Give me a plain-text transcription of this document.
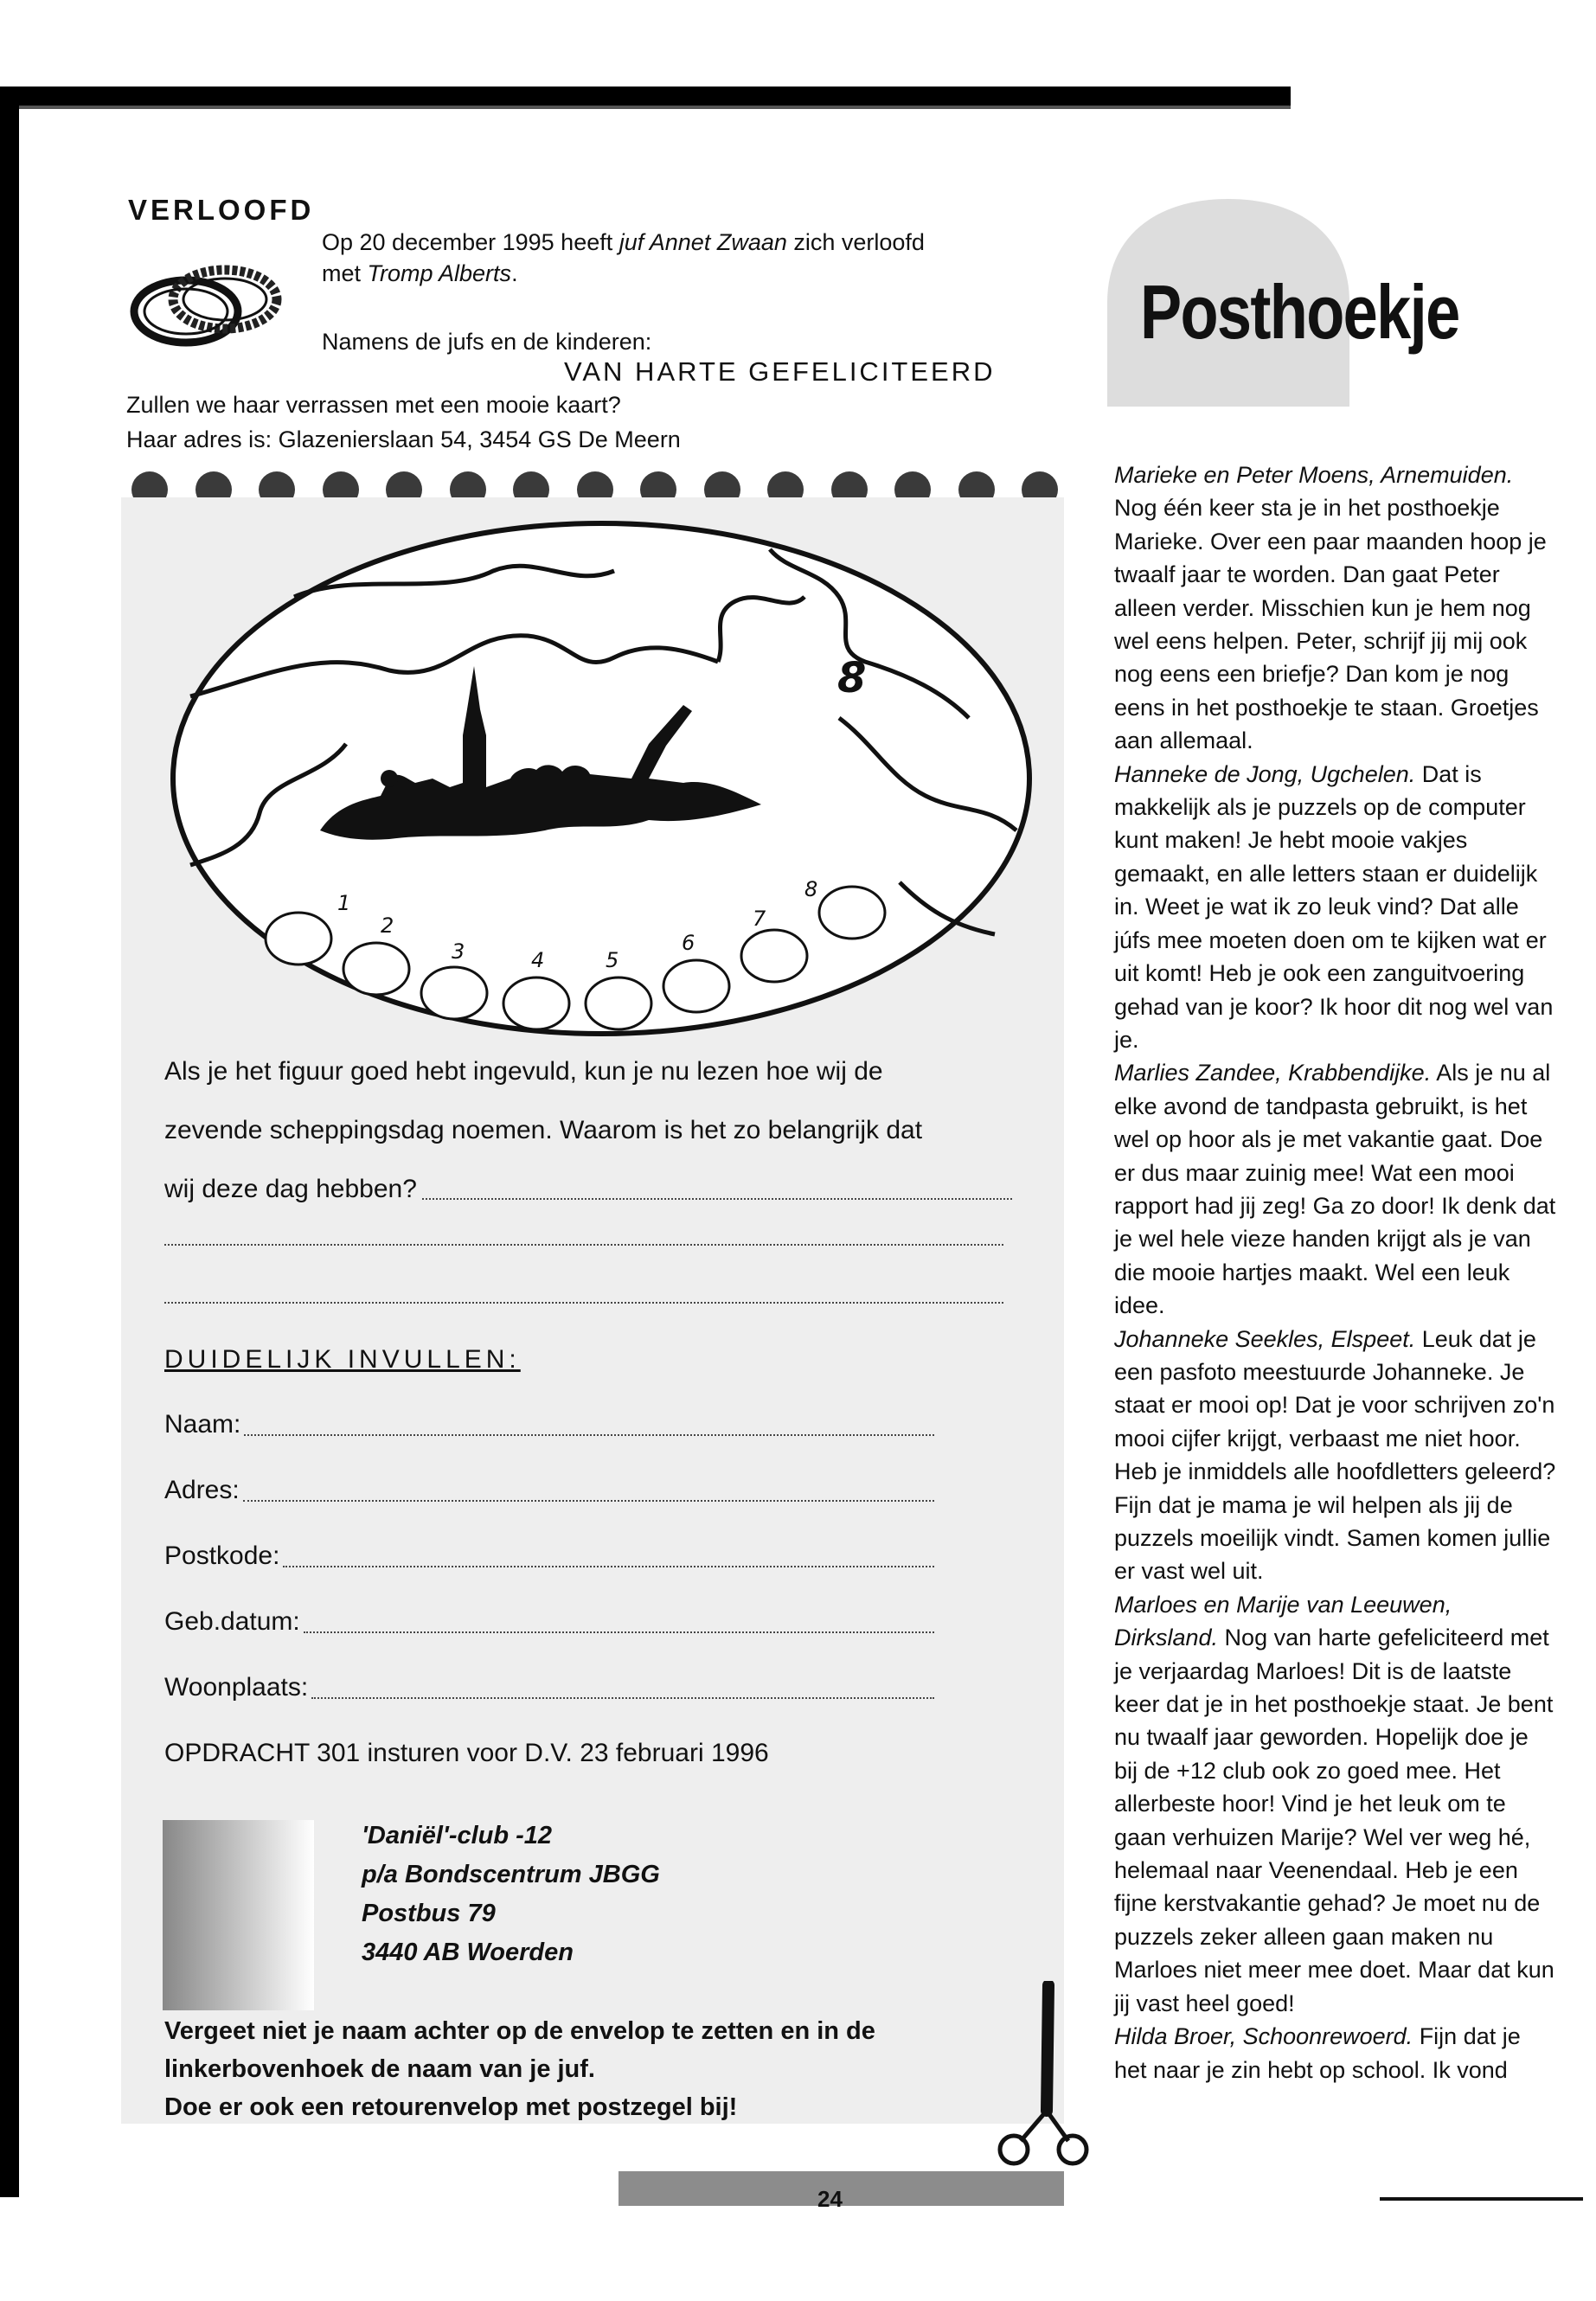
VERLOOFD
Op 20 december 1995 heeft juf Annet Zwaan zich verloofd
met Tromp Alberts.
Namens de jufs en de kinderen:
VAN HARTE GEFELICITEERD
Zullen we haar verrassen met een mooie kaart?
Haar adres is: Glazenierslaan 54, 3454 GS De Meern
8
1
2
3	4	5
6
7
8
Als je het figuur goed hebt ingevuld, kun je nu lezen hoe wij de
zevende scheppingsdag noemen. Waarom is het zo belangrijk dat
wij deze dag hebben?
DUIDELIJK INVULLEN:
Naam:
Adres:
Postkode:
Geb.datum:
Woonplaats:
OPDRACHT 301 insturen voor D.V. 23 februari 1996
'Daniël'-club -12
p/a Bondscentrum JBGG
Postbus 79
3440 AB Woerden
Vergeet niet je naam achter op de envelop te zetten en in de
linkerbovenhoek de naam van je juf.
Doe er ook een retourenvelop met postzegel bij!
24
Posthoekje

Marieke en Peter Moens, Arnemuiden. Nog één keer sta je in het posthoekje Marieke. Over een paar maanden hoop je twaalf jaar te worden. Dan gaat Peter alleen verder. Misschien kun je hem nog wel eens helpen. Peter, schrijf jij mij ook nog eens een briefje? Dan kom je nog eens in het posthoekje te staan. Groetjes aan allemaal.

Hanneke de Jong, Ugchelen. Dat is makkelijk als je puzzels op de computer kunt maken! Je hebt mooie vakjes gemaakt, en alle letters staan er duidelijk in. Weet je wat ik zo leuk vind? Dat alle júfs mee moeten doen om te kijken wat er uit komt! Heb je ook een zanguitvoering gehad van je koor? Ik hoor dit nog wel van je.

Marlies Zandee, Krabbendijke. Als je nu al elke avond de tandpasta gebruikt, is het wel op hoor als je met vakantie gaat. Doe er dus maar zuinig mee! Wat een mooi rapport had jij zeg! Ga zo door! Ik denk dat je wel hele vieze handen krijgt als je van die mooie hartjes maakt. Wel een leuk idee.

Johanneke Seekles, Elspeet. Leuk dat je een pasfoto meestuurde Johanneke. Je staat er mooi op! Dat je voor schrijven zo'n mooi cijfer krijgt, verbaast me niet hoor. Heb je inmiddels alle hoofdletters geleerd? Fijn dat je mama je wil helpen als jij de puzzels moeilijk vindt. Samen komen jullie er vast wel uit.

Marloes en Marije van Leeuwen, Dirksland. Nog van harte gefeliciteerd met je verjaardag Marloes! Dit is de laatste keer dat je in het posthoekje staat. Je bent nu twaalf jaar geworden. Hopelijk doe je bij de +12 club ook zo goed mee. Het allerbeste hoor! Vind je het leuk om te gaan verhuizen Marije? Wel ver weg hé, helemaal naar Veenendaal. Heb je een fijne kerstvakantie gehad? Je moet nu de puzzels zeker alleen gaan maken nu Marloes niet meer mee doet. Maar dat kun jij vast heel goed!

Hilda Broer, Schoonrewoerd. Fijn dat je het naar je zin hebt op school. Ik vond
